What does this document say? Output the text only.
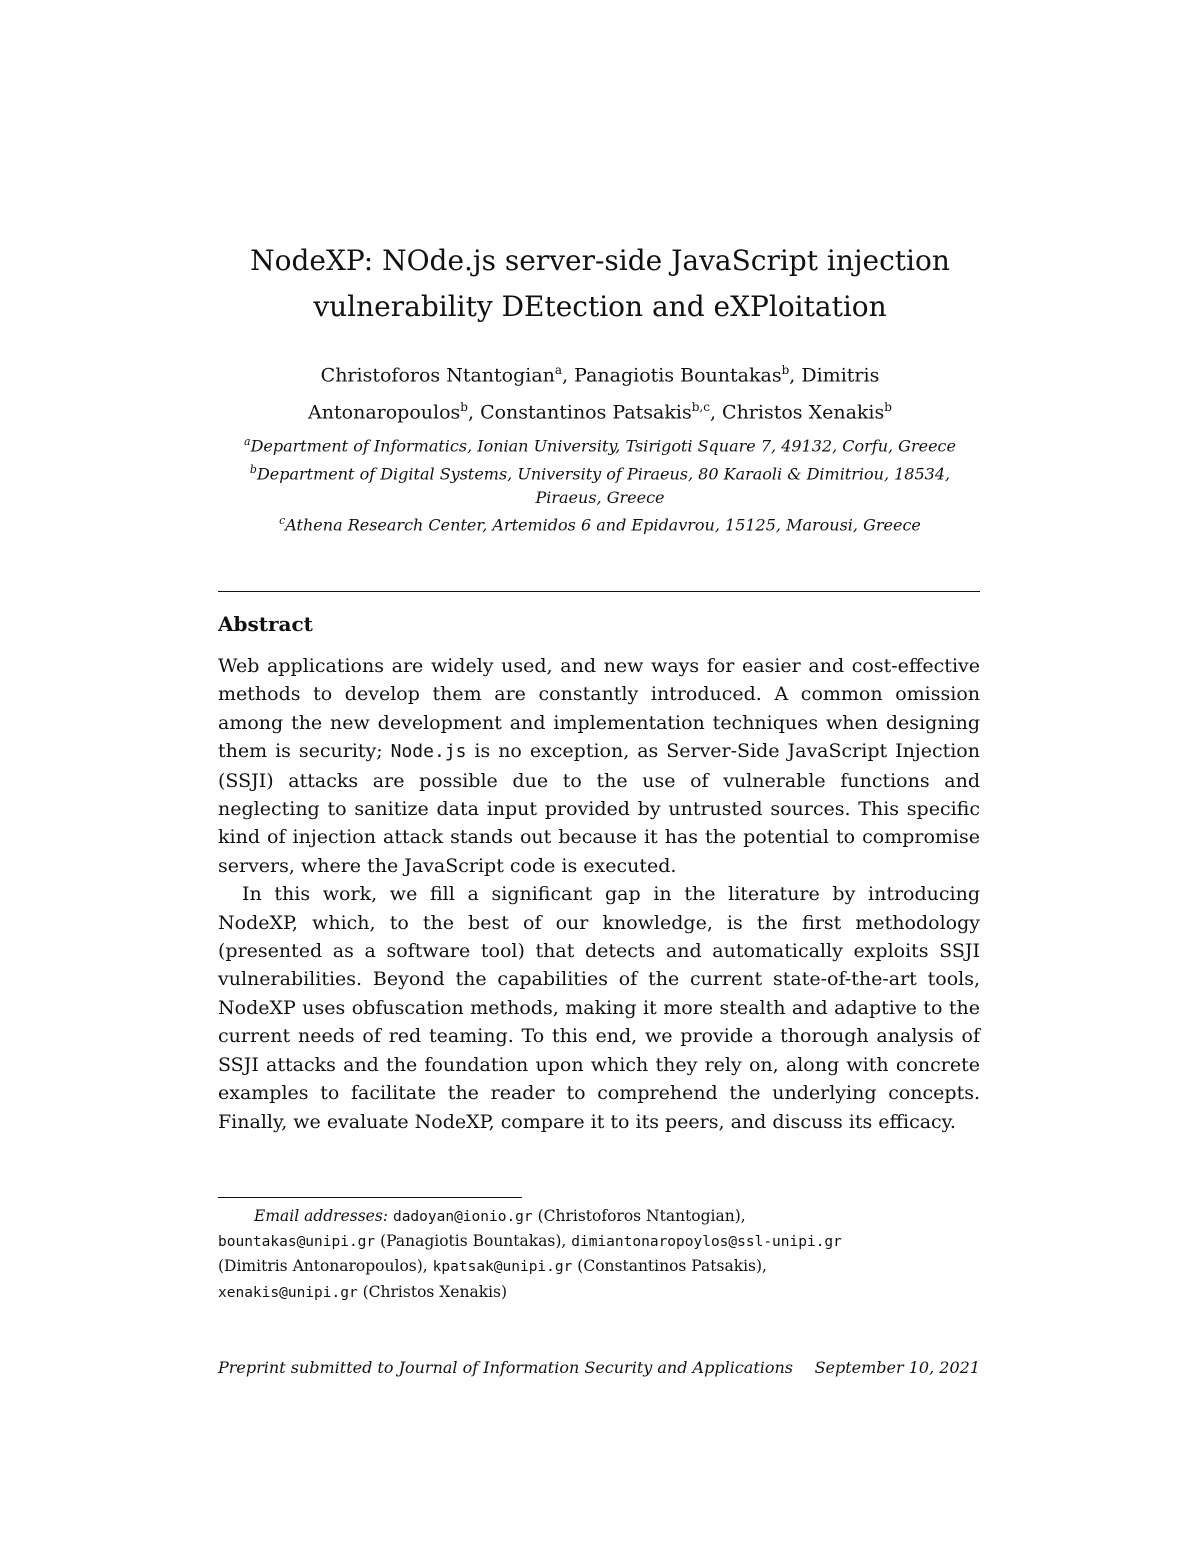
NodeXP: NOde.js server-side JavaScript injection
vulnerability DEtection and eXPloitation
Christoforos Ntantogian$^a$, Panagiotis Bountakas$^b$, Dimitris
Antonaropoulos$^b$, Constantinos Patsakis$^{b,c}$, Christos Xenakis$^b$
$^a$Department of Informatics, Ionian University, Tsirigoti Square 7, 49132, Corfu, Greece
$^b$Department of Digital Systems, University of Piraeus, 80 Karaoli & Dimitriou, 18534,
Piraeus, Greece
$^c$Athena Research Center, Artemidos 6 and Epidavrou, 15125, Marousi, Greece
Abstract

Web applications are widely used, and new ways for easier and cost-effective methods to develop them are constantly introduced. A common omission among the new development and implementation techniques when designing them is security; Node.js is no exception, as Server-Side JavaScript Injection (SSJI) attacks are possible due to the use of vulnerable functions and neglecting to sanitize data input provided by untrusted sources. This specific kind of injection attack stands out because it has the potential to compromise servers, where the JavaScript code is executed.

In this work, we fill a significant gap in the literature by introducing NodeXP, which, to the best of our knowledge, is the first methodology (presented as a software tool) that detects and automatically exploits SSJI vulnerabilities. Beyond the capabilities of the current state-of-the-art tools, NodeXP uses obfuscation methods, making it more stealth and adaptive to the current needs of red teaming. To this end, we provide a thorough analysis of SSJI attacks and the foundation upon which they rely on, along with concrete examples to facilitate the reader to comprehend the underlying concepts. Finally, we evaluate NodeXP, compare it to its peers, and discuss its efficacy.

Email addresses: dadoyan@ionio.gr (Christoforos Ntantogian),
bountakas@unipi.gr (Panagiotis Bountakas), dimiantonaropoylos@ssl-unipi.gr
(Dimitris Antonaropoulos), kpatsak@unipi.gr (Constantinos Patsakis),
xenakis@unipi.gr (Christos Xenakis)
Preprint submitted to Journal of Information Security and Applications September 10, 2021
